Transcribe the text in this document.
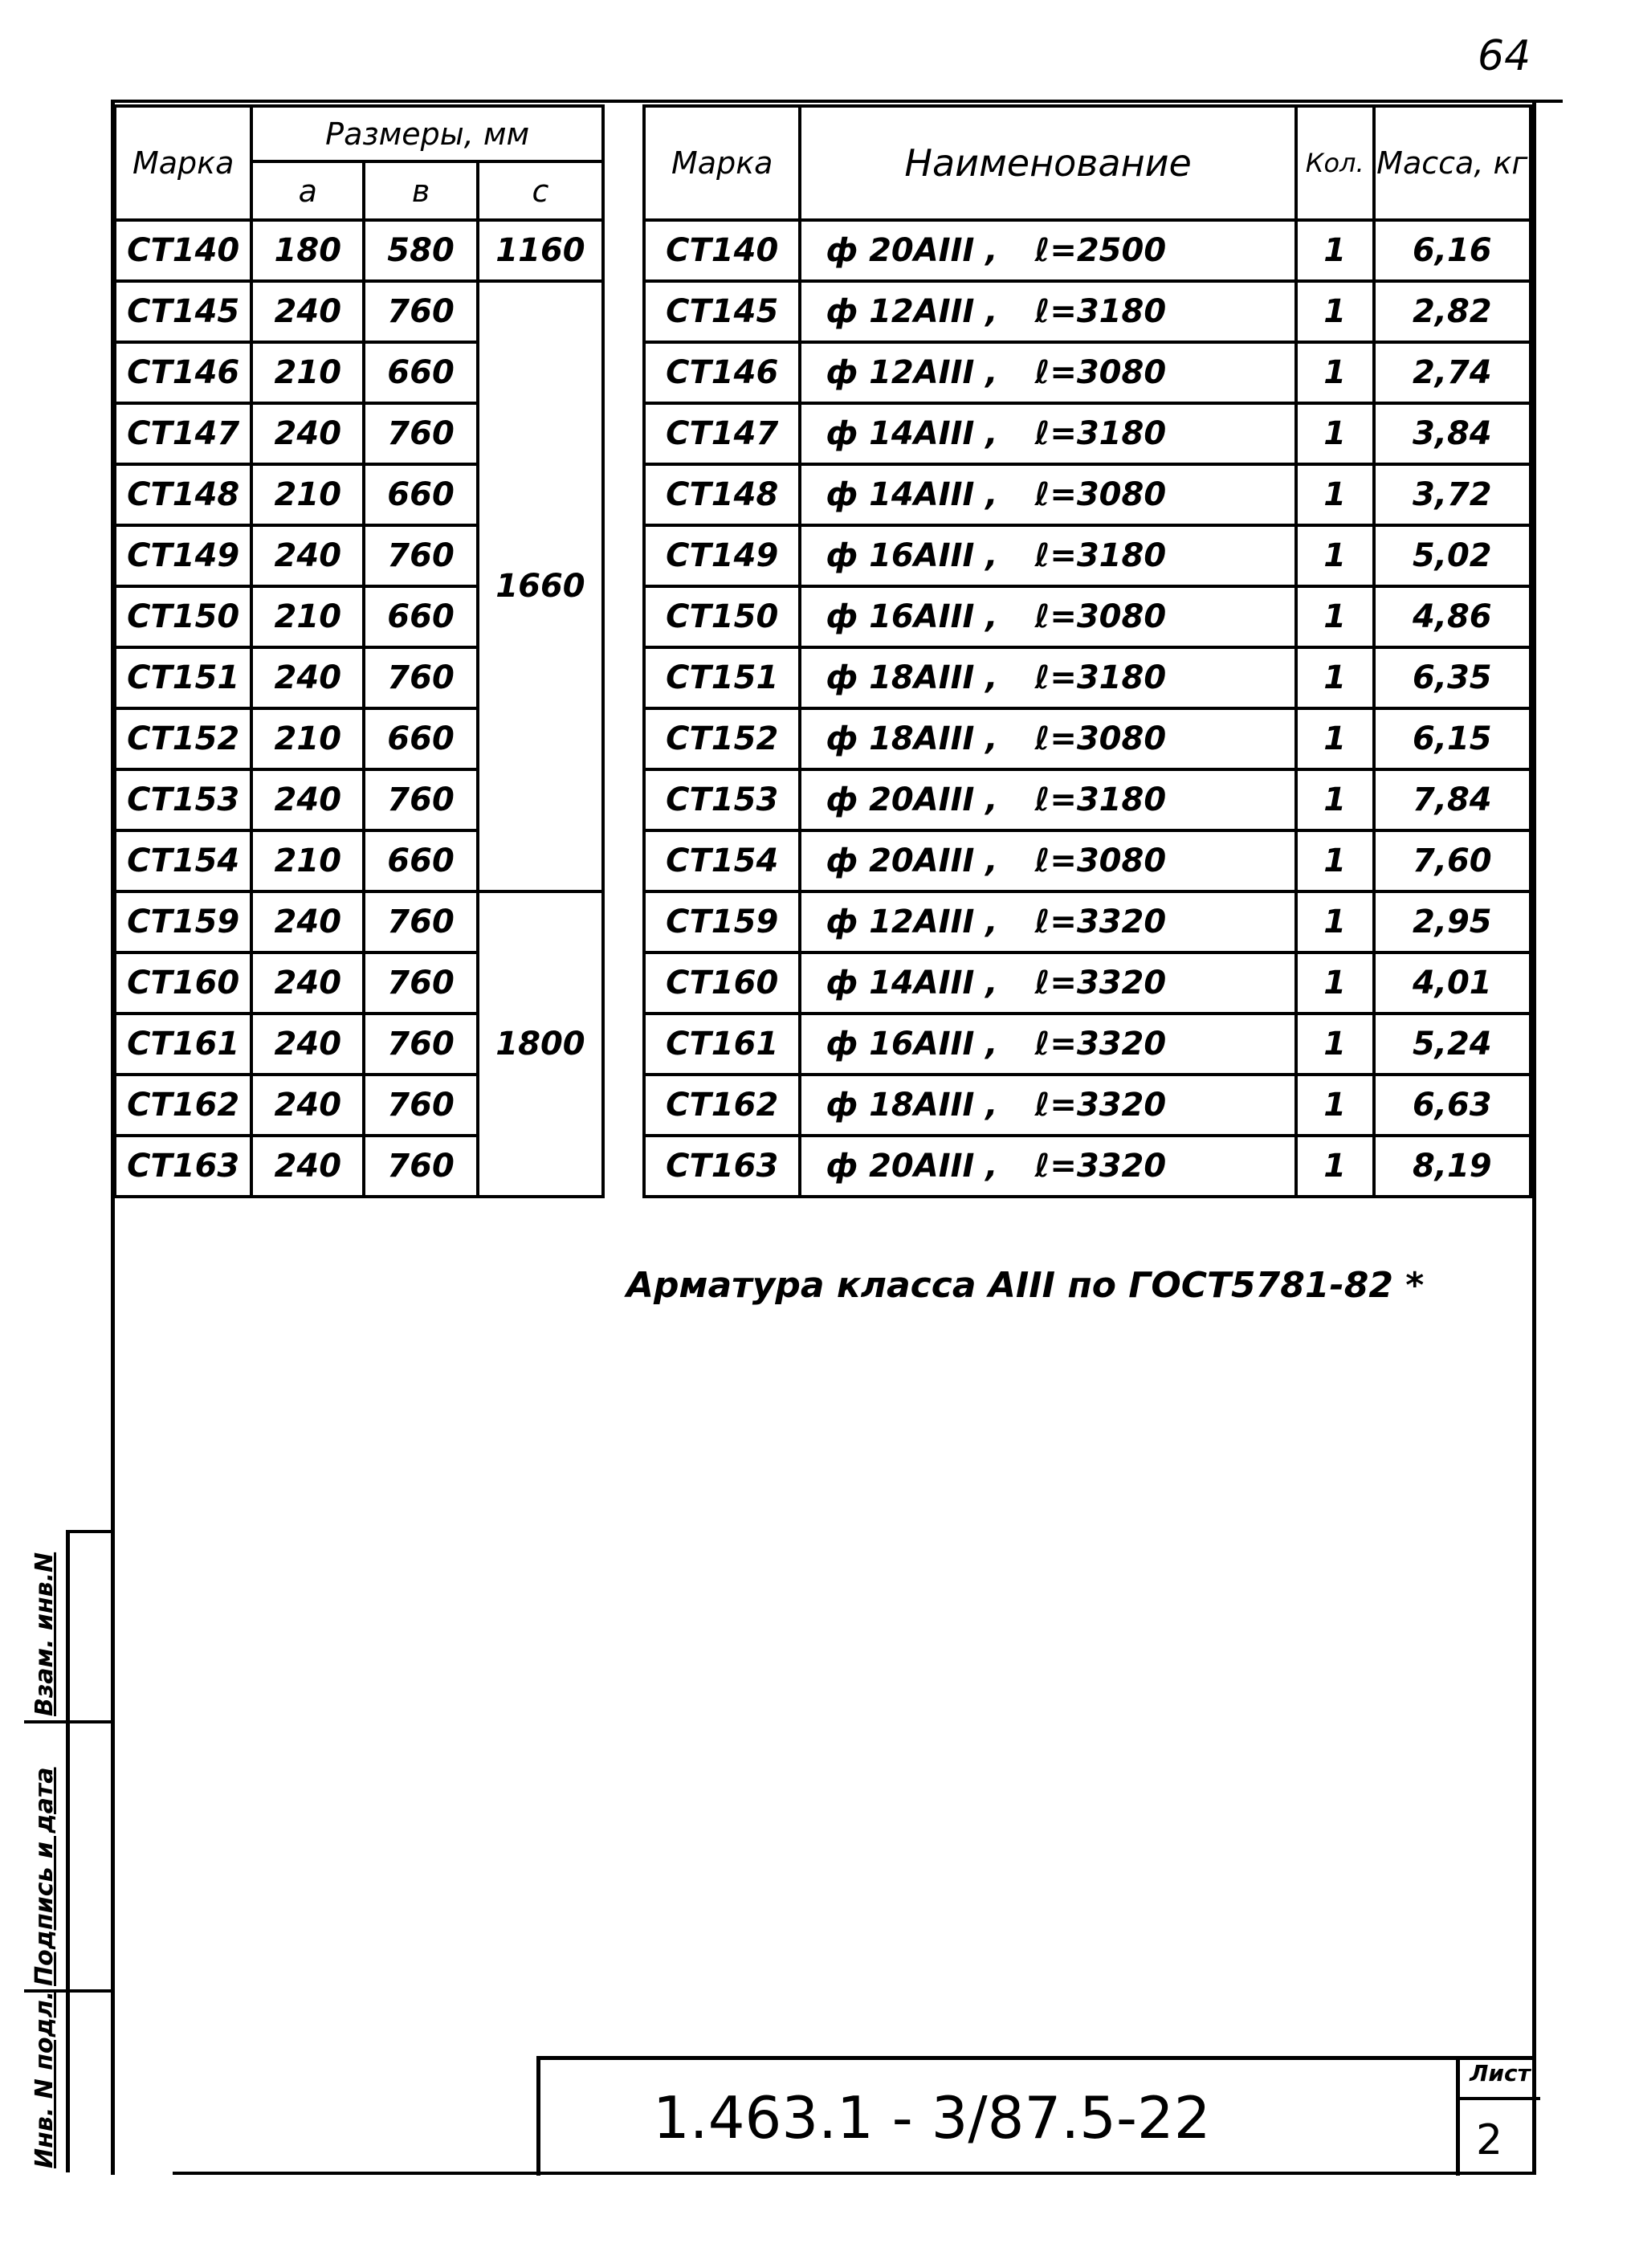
64
Марка	Размеры, мм		
	a	в	c
СТ140	180	580	1160
СТ145	240	760	1660
СТ146	210	660	
СТ147	240	760	
СТ148	210	660	
СТ149	240	760	
СТ150	210	660	
СТ151	240	760	
СТ152	210	660	
СТ153	240	760	
СТ154	210	660	
СТ159	240	760	1800
СТ160	240	760	
СТ161	240	760	
СТ162	240	760	
СТ163	240	760	
Марка	Наименование	Кол.	Масса, кг
СТ140	ф 20АIII , ℓ=2500	1	6,16
СТ145	ф 12АIII , ℓ=3180	1	2,82
СТ146	ф 12АIII , ℓ=3080	1	2,74
СТ147	ф 14АIII , ℓ=3180	1	3,84
СТ148	ф 14АIII , ℓ=3080	1	3,72
СТ149	ф 16АIII , ℓ=3180	1	5,02
СТ150	ф 16АIII , ℓ=3080	1	4,86
СТ151	ф 18АIII , ℓ=3180	1	6,35
СТ152	ф 18АIII , ℓ=3080	1	6,15
СТ153	ф 20АIII , ℓ=3180	1	7,84
СТ154	ф 20АIII , ℓ=3080	1	7,60
СТ159	ф 12АIII , ℓ=3320	1	2,95
СТ160	ф 14АIII , ℓ=3320	1	4,01
СТ161	ф 16АIII , ℓ=3320	1	5,24
СТ162	ф 18АIII , ℓ=3320	1	6,63
СТ163	ф 20АIII , ℓ=3320	1	8,19
Арматура класса АIII по ГОСТ5781-82 *
1.463.1 - 3/87.5-22
Лист
2
Инв. N подл.
Подпись и дата
Взам. инв.N
